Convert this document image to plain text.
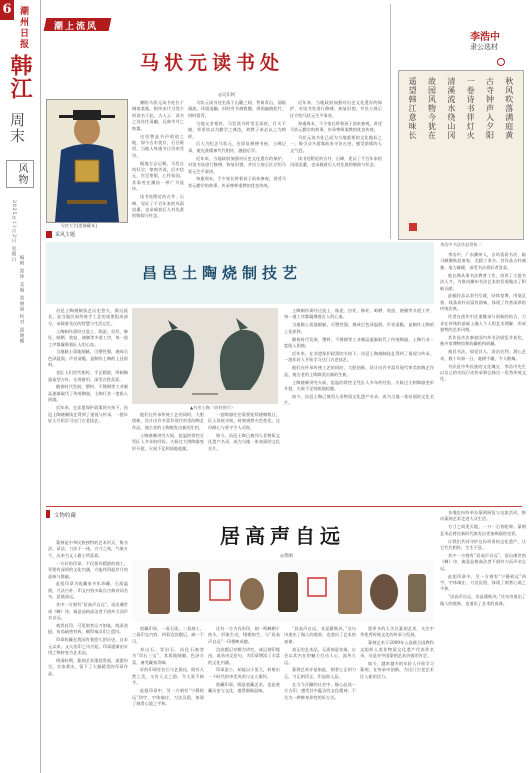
6 潮州日报
韩江
周末
风物
2025年11月2日 星期日
编辑 郑铮 美编 郑丽丽 校对 邵晓娜
潮上流风
马状元读书处
◎吴东柯
马姓大学[遗像藏本]
采风主题

潮阳马状元读书处位于城南某地，相传宋代马发少时读书于此。古人云：读书之处往往清幽，远离市井之喧嚣。

这里曾是书声琅琅之地，如今古木犹存，石径斑驳，当地人每逢节日仍来凭吊。

据地方志记载，马发自幼好学，寒窗苦读，后中状元，官至要职，心怀家国，其事迹在潮汕一带广为流传。

读书处附近的古井、石碑，见证了千百年来的风雨沧桑，也承载着后人对先贤的敬仰与怀念。

马状元读书处坐落于山麓之间，背倚青山，面临溪流，环境清幽。旧时有书斋数楹，周围遍植松竹，四时常青。

当地父老相传，马发读书时常至深夜，灯火不熄，邻里皆以为勤学之典范，故教子弟必以之为榜样。

后人为纪念马状元，在原址修缮书屋，立碑记事，使先贤精神代代相传，激励后学。

近年来，当地政府加强对历史文化遗存的保护，对读书处进行修缮，恢复旧貌，并设立展示区介绍马状元生平事迹。

每逢周末，不少家长带着孩子前来参观，讲述马状元勤学的故事，传承尊师重教的优良传统。

近年来，当地政府加强对历史文化遗存的保护，对读书处进行修缮，恢复旧貌，并设立展示区介绍马状元生平事迹。

每逢周末，不少家长带着孩子前来参观，讲述马状元勤学的故事，传承尊师重教的优良传统。

马状元读书处已成为当地重要的文化地标之一，吸引众多游客前来寻访古迹，感受浓郁的人文气息。

读书处附近的古井、石碑，见证了千百年来的风雨沧桑，也承载着后人对先贤的敬仰与怀念。

李浩中
隶公选材
秋风吹落满庭黄
古寺钟声入夕阳
一卷诗书伴灯火
清溪流水绕山冈
故园风物今犹在
遥望韩江意味长
李浩中书法作品赏析二

李浩中，广东潮州人，自幼喜爱书法，临习颜柳欧赵诸家，尤精于隶书。其作品古朴典雅，笔力雄健，深受书法爱好者喜爱。

他长期从事书法教育工作，培养了大批书法人才，为推动潮州书法艺术的发展做出了积极贡献。

此幅作品以隶书写就，结体宽博，用笔沉着，线条质朴而富有韵味，体现了作者深厚的传统功底。

作者在创作中注重继承与创新的结合，力求在传统的基础上融入个人的艺术理解，形成独特的艺术风格。

其作品多次参加国内外书法展览并获奖，被多家博物馆和收藏机构收藏。

观其书法，如见其人，淡泊名利，潜心艺术，数十年如一日，笔耕不辍，令人敬佩。

书法是中华民族的文化瑰宝，李浩中先生以自己的实际行动传承和弘扬这一优秀传统文化。

昌邑土陶烧制技艺

昌邑土陶烧制技艺历史悠久，源远流长，是当地民间传统手工艺的重要组成部分，承载着先民的智慧与生活记忆。

土陶制作需经过选土、练泥、拉坯、修坯、晾晒、装窑、烧制等多道工序，每一道工序都凝聚着匠人的心血。

当地黏土质地细腻，可塑性强，烧成后色泽温润，声音清脆，是制作土陶的上佳原料。

老匠人们世代相传，手艺精湛，所制陶器造型古朴，实用耐用，深受百姓喜爱。

随着时代发展，塑料、不锈钢等工业制品逐渐取代了传统陶器，土陶行业一度陷入困境。

近年来，在非遗保护政策的支持下，昌邑土陶烧制技艺得到了重视与传承，一批年轻人开始学习这门古老技艺。

▲鸟形土陶（资料图片）

他们在传承传统工艺的同时，大胆创新，设计出许多富有现代审美的陶艺作品，使古老的土陶焕发出新的生机。

土陶烧制讲究火候，窑温的掌控全凭匠人多年的经验。火候过大则陶器变形开裂，火候不足则质地松脆。

一窑陶器往往需要连续烧制数日，匠人昼夜守候，时刻观察火色变化，这份耐心与坚守令人动容。

如今，昌邑土陶已被列入非物质文化遗产名录，成为当地一张亮丽的文化名片。

土陶制作需经过选土、练泥、拉坯、修坯、晾晒、装窑、烧制等多道工序，每一道工序都凝聚着匠人的心血。

当地黏土质地细腻，可塑性强，烧成后色泽温润，声音清脆，是制作土陶的上佳原料。

随着时代发展，塑料、不锈钢等工业制品逐渐取代了传统陶器，土陶行业一度陷入困境。

近年来，在非遗保护政策的支持下，昌邑土陶烧制技艺得到了重视与传承，一批年轻人开始学习这门古老技艺。

他们在传承传统工艺的同时，大胆创新，设计出许多富有现代审美的陶艺作品，使古老的土陶焕发出新的生机。

土陶烧制讲究火候，窑温的掌控全凭匠人多年的经验。火候过大则陶器变形开裂，火候不足则质地松脆。

如今，昌邑土陶已被列入非物质文化遗产名录，成为当地一张亮丽的文化名片。

文物收藏
居高声自远
◎黄刚

篆刻是中华民族独特的艺术形式，集书法、章法、刀法于一体，方寸之间，气象万千，历来为文人雅士所喜爱。

一方好的印章，不仅要有精湛的刻工，更要有深厚的文化内涵，方能经得起岁月的品味与推敲。

此组印章为收藏家多年珍藏，石质温润，刀法古朴，印文内容多取自古典诗词名句，意境深远。

其中一方刻有“居高声自远”，语出虞世南《蝉》诗，寓意品格高洁者不借外力而声名自远。

观赏此印，可见刻者运刀如笔，线条劲挺，布局疏密有致，颇得秦汉印之遗风。

印章收藏在我国有着悠久的历史，自宋元以来，文人治印之风兴起，印章逐渐由实用之物转变为艺术品。

明清时期，篆刻艺术蓬勃发展，流派纷呈，名家辈出，留下了大量精美的印章作品。

收藏印章，一看石质，二看刻工，三看印文内容，四看边款题记，缺一不可。

寿山石、青田石、昌化石被誉为“印石三宝”，其质地细腻，色泽丰富，备受藏家青睐。

好的印章往往石与艺俱佳，既有天然之美，又有人文之韵，令人爱不释手。

此组印章中，另一方刻有“宁静致远”四字，字体端庄，刀法沉稳，体现了刻者心境之平和。

还有一方为肖形印，刻一鸣蝉栖于枝头，形象生动，栩栩如生，与“居高声自远”一印相映成趣。

边款题记亦颇为讲究，或记刻印缘由，或录诗文佳句，为印章增添了丰富的文化内涵。

印章虽小，却能以小见大，折射出一个时代的审美风尚与文人情怀。

收藏印章，既是收藏艺术，也是收藏历史与文化，值得细细品味。

“居高声自远，非是藉秋风。”这句诗道出了做人的境界，也道出了艺术的真谛。

真正的艺术品，无需刻意宣扬，自会以其内在的魅力打动人心，流传久远。

篆刻艺术亦是如此，刻者心正则刀正，刀正则印正，印品即人品。

在当今浮躁的社会中，静心品读一方古印，感受其中蕴含的文化精神，不失为一种修身养性的好方式。

愿更多的人关注篆刻艺术，关注中华优秀传统文化的传承与发展。

篆刻艺术于2009年入选联合国教科文组织人类非物质文化遗产代表作名录，这是对中国篆刻艺术价值的肯定。

如今，越来越多的年轻人开始学习篆刻，在传承中创新，为这门古老艺术注入新的活力。

各地也纷纷举办篆刻展览与交流活动，推动篆刻艺术走进大众生活。

方寸之间见天地，一刀一石皆乾坤。篆刻艺术必将在新时代焕发出更加绚丽的光彩。

让我们共同守护这份珍贵的文化遗产，让它代代相传，生生不息。

其中一方刻有“居高声自远”，语出虞世南《蝉》诗，寓意品格高洁者不借外力而声名自远。

此组印章中，另一方刻有“宁静致远”四字，字体端庄，刀法沉稳，体现了刻者心境之平和。

“居高声自远，非是藉秋风。”这句诗道出了做人的境界，也道出了艺术的真谛。
